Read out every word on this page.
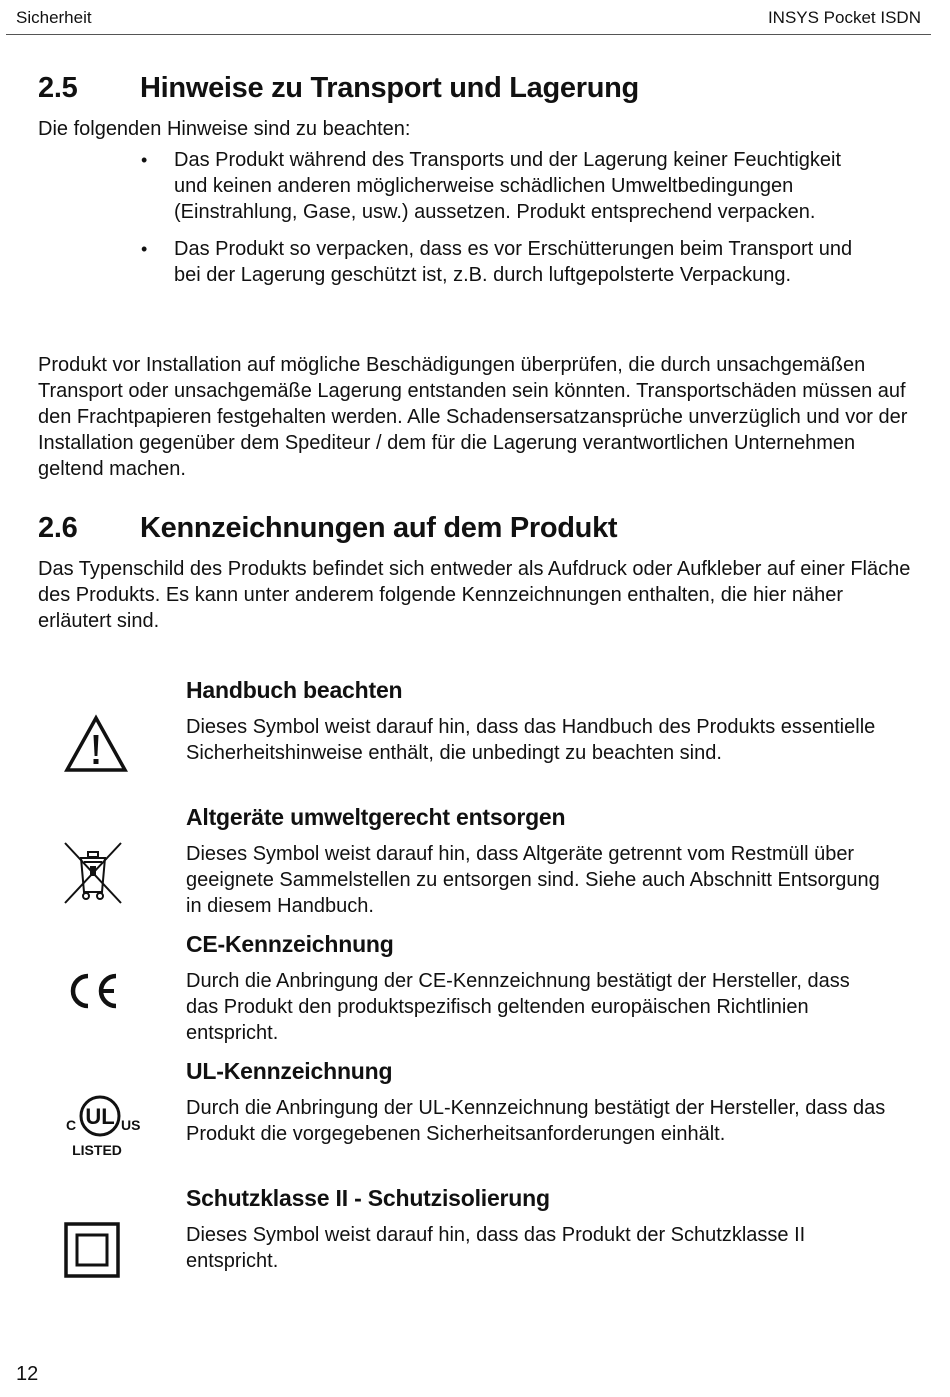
Sicherheit	INSYS Pocket ISDN
2.5 Hinweise zu Transport und Lagerung

Die folgenden Hinweise sind zu beachten:

• Das Produkt während des Transports und der Lagerung keiner Feuchtigkeit und keinen anderen möglicherweise schädlichen Umweltbedingungen (Einstrahlung, Gase, usw.) aussetzen. Produkt entsprechend verpacken.
• Das Produkt so verpacken, dass es vor Erschütterungen beim Transport und bei der Lagerung geschützt ist, z.B. durch luftgepolsterte Verpackung.

Produkt vor Installation auf mögliche Beschädigungen überprüfen, die durch unsachgemäßen Transport oder unsachgemäße Lagerung entstanden sein könnten. Transportschäden müssen auf den Frachtpapieren festgehalten werden. Alle Schadensersatzansprüche unverzüglich und vor der Installation gegenüber dem Spediteur / dem für die Lagerung verantwortlichen Unternehmen geltend machen.

2.6 Kennzeichnungen auf dem Produkt

Das Typenschild des Produkts befindet sich entweder als Aufdruck oder Aufkleber auf einer Fläche des Produkts. Es kann unter anderem folgende Kennzeichnungen enthalten, die hier näher erläutert sind.

Handbuch beachten

Dieses Symbol weist darauf hin, dass das Handbuch des Produkts essentielle Sicherheitshinweise enthält, die unbedingt zu beachten sind.

Altgeräte umweltgerecht entsorgen

Dieses Symbol weist darauf hin, dass Altgeräte getrennt vom Restmüll über geeignete Sammelstellen zu entsorgen sind. Siehe auch Abschnitt Entsorgung in diesem Handbuch.

CE-Kennzeichnung

Durch die Anbringung der CE-Kennzeichnung bestätigt der Hersteller, dass das Produkt den produktspezifisch geltenden europäischen Richtlinien entspricht.

UL
C	US
LISTED
UL-Kennzeichnung

Durch die Anbringung der UL-Kennzeichnung bestätigt der Hersteller, dass das Produkt die vorgegebenen Sicherheitsanforderungen einhält.

Schutzklasse II - Schutzisolierung

Dieses Symbol weist darauf hin, dass das Produkt der Schutzklasse II entspricht.

12
